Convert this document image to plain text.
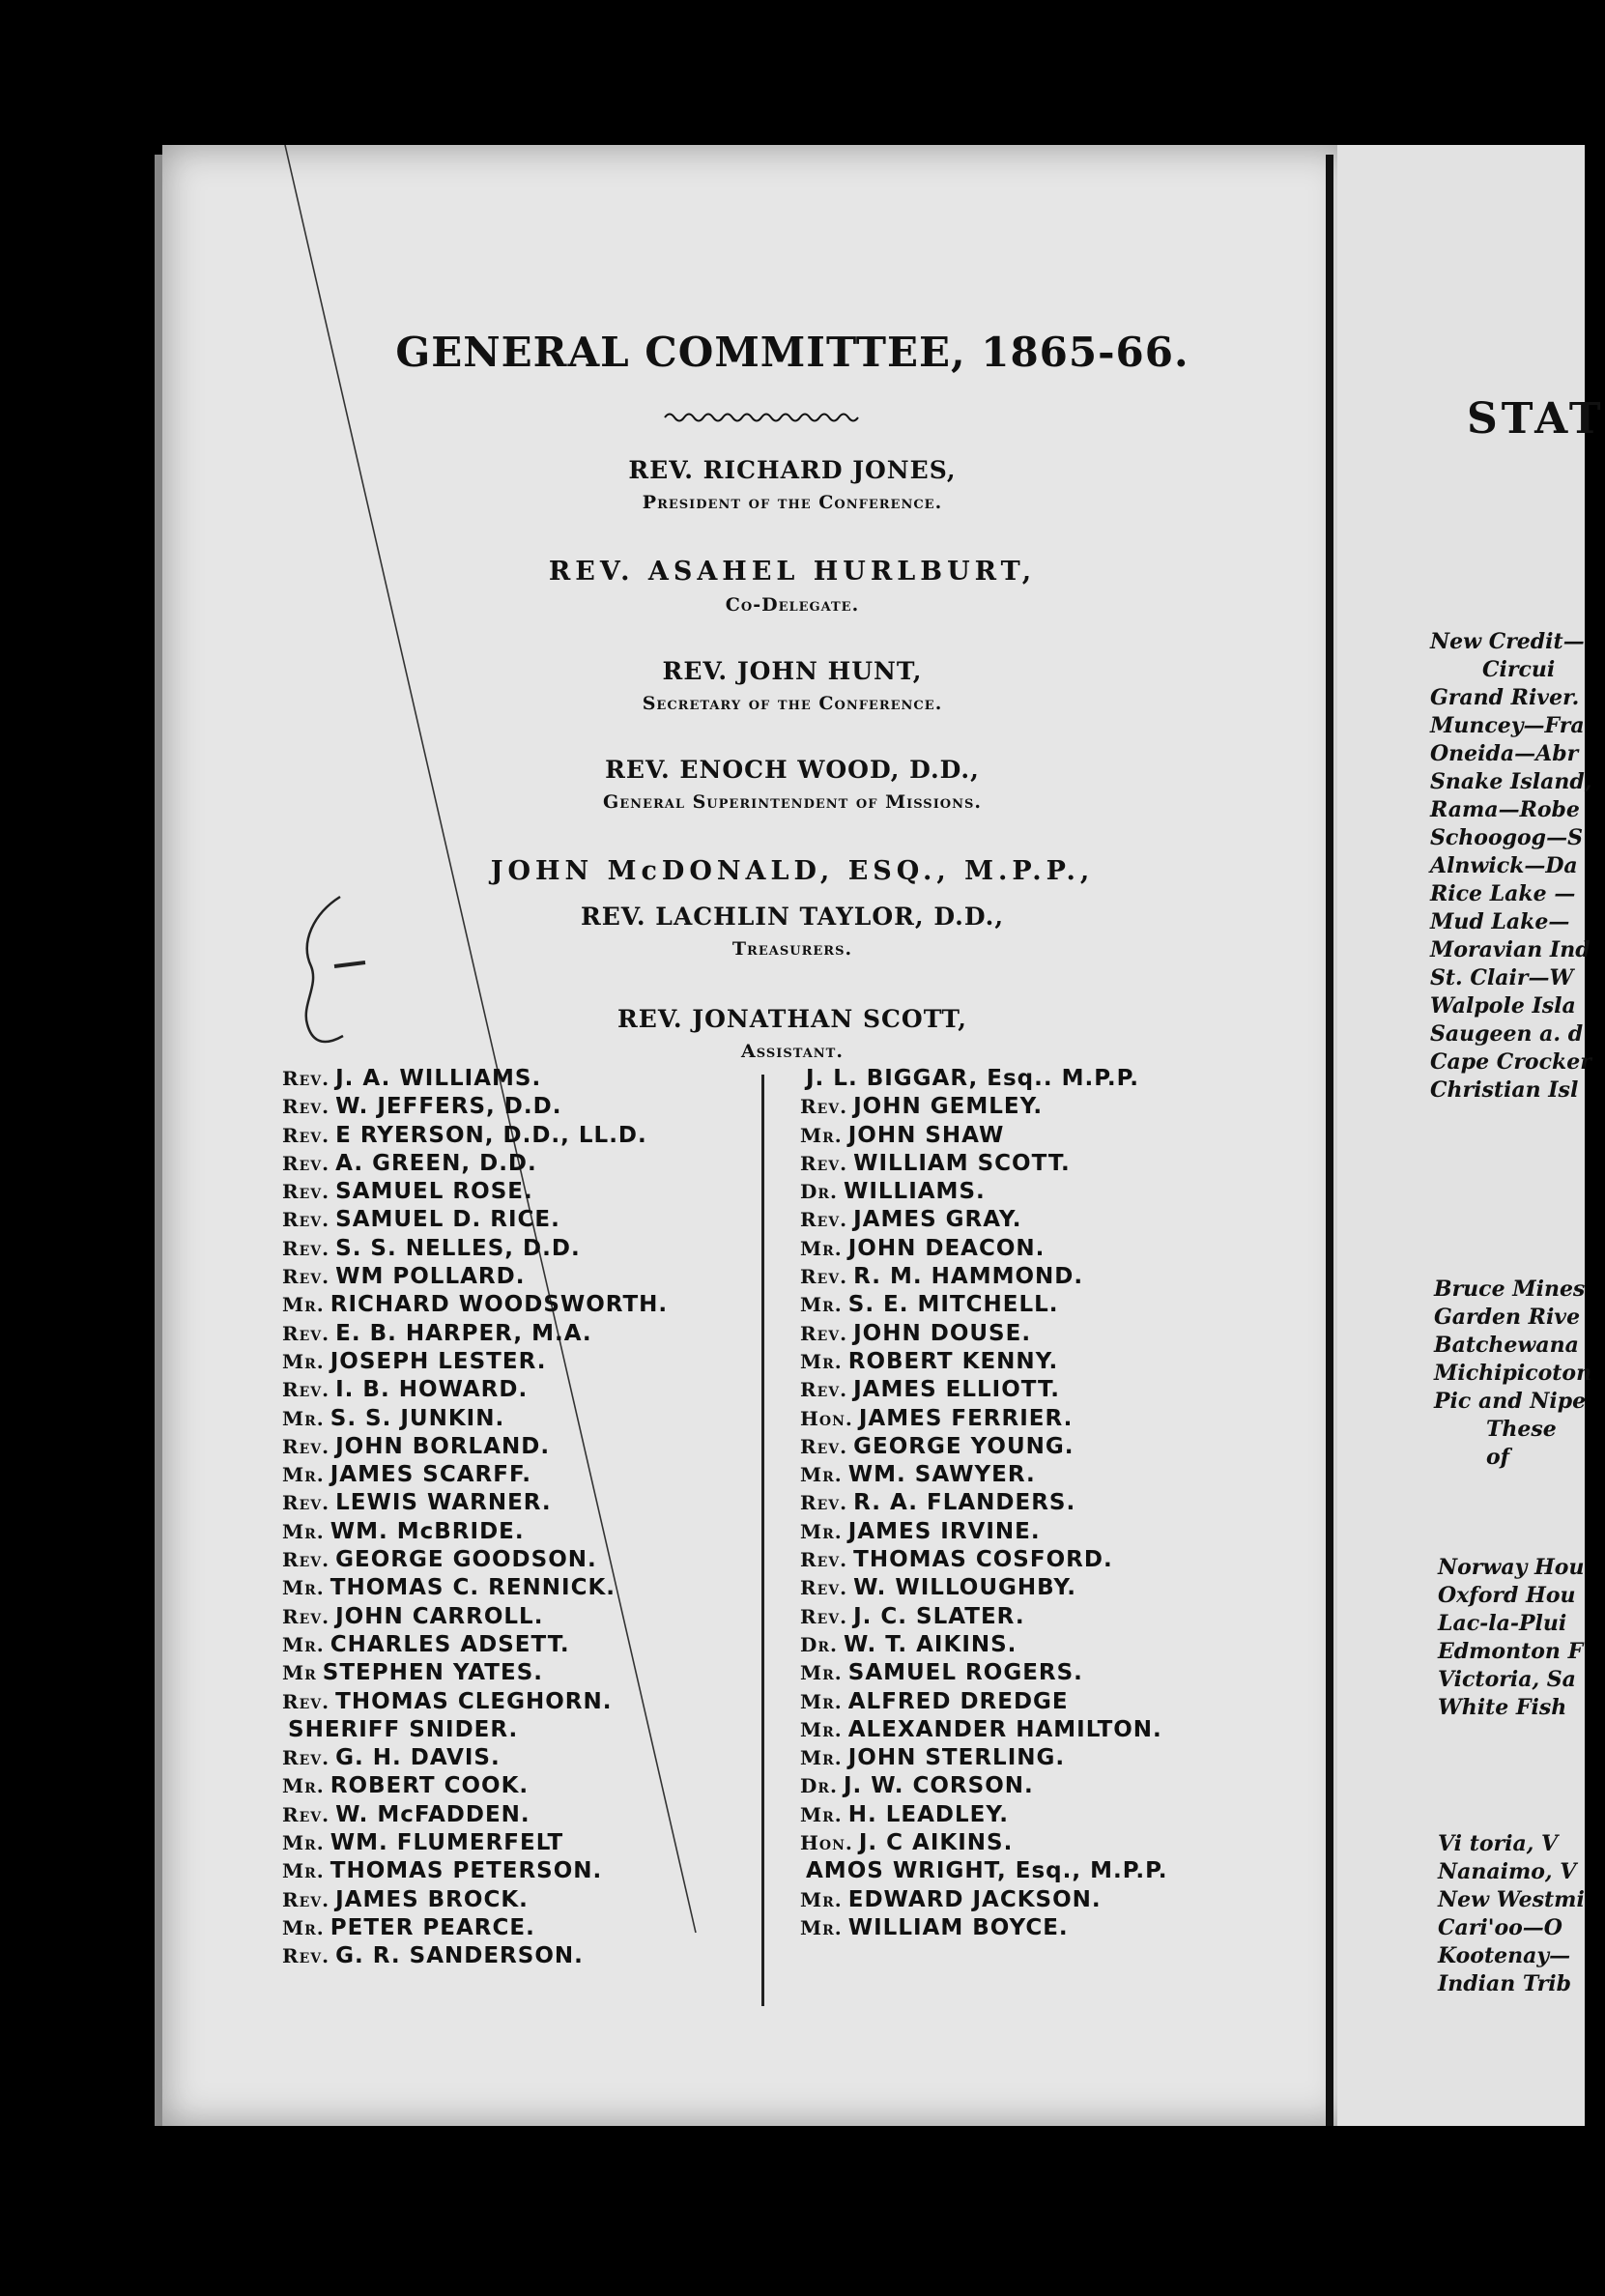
STAT
New Credit—
Circui
Grand River.
Muncey—Fra
Oneida—Abr
Snake Island,
Rama—Robe
Schoogog—S
Alnwick—Da
Rice Lake —
Mud Lake—
Moravian Ind
St. Clair—W
Walpole Isla
Saugeen a. d
Cape Crocker
Christian Isl
Bruce Mines
Garden Rive
Batchewana
Michipicoton
Pic and Nipe
These
of
Norway Hou
Oxford Hou
Lac-la-Plui
Edmonton F
Victoria, Sa
White Fish
Vi toria, V
Nanaimo, V
New Westmi
Cari'oo—O
Kootenay—
Indian Trib
GENERAL COMMITTEE, 1865-66.
REV. RICHARD JONES,
President of the Conference.
REV. ASAHEL HURLBURT,
Co-Delegate.
REV. JOHN HUNT,
Secretary of the Conference.
REV. ENOCH WOOD, D.D.,
General Superintendent of Missions.
JOHN McDONALD, ESQ., M.P.P.,
REV. LACHLIN TAYLOR, D.D.,
Treasurers.
REV. JONATHAN SCOTT,
Assistant.
Rev. J. A. WILLIAMS.
Rev. W. JEFFERS, D.D.
Rev. E RYERSON, D.D., LL.D.
Rev. A. GREEN, D.D.
Rev. SAMUEL ROSE.
Rev. SAMUEL D. RICE.
Rev. S. S. NELLES, D.D.
Rev. WM POLLARD.
Mr. RICHARD WOODSWORTH.
Rev. E. B. HARPER, M.A.
Mr. JOSEPH LESTER.
Rev. I. B. HOWARD.
Mr. S. S. JUNKIN.
Rev. JOHN BORLAND.
Mr. JAMES SCARFF.
Rev. LEWIS WARNER.
Mr. WM. McBRIDE.
Rev. GEORGE GOODSON.
Mr. THOMAS C. RENNICK.
Rev. JOHN CARROLL.
Mr. CHARLES ADSETT.
Mr STEPHEN YATES.
Rev. THOMAS CLEGHORN.
SHERIFF SNIDER.
Rev. G. H. DAVIS.
Mr. ROBERT COOK.
Rev. W. McFADDEN.
Mr. WM. FLUMERFELT
Mr. THOMAS PETERSON.
Rev. JAMES BROCK.
Mr. PETER PEARCE.
Rev. G. R. SANDERSON.
J. L. BIGGAR, Esq.. M.P.P.
Rev. JOHN GEMLEY.
Mr. JOHN SHAW
Rev. WILLIAM SCOTT.
Dr. WILLIAMS.
Rev. JAMES GRAY.
Mr. JOHN DEACON.
Rev. R. M. HAMMOND.
Mr. S. E. MITCHELL.
Rev. JOHN DOUSE.
Mr. ROBERT KENNY.
Rev. JAMES ELLIOTT.
Hon. JAMES FERRIER.
Rev. GEORGE YOUNG.
Mr. WM. SAWYER.
Rev. R. A. FLANDERS.
Mr. JAMES IRVINE.
Rev. THOMAS COSFORD.
Rev. W. WILLOUGHBY.
Rev. J. C. SLATER.
Dr. W. T. AIKINS.
Mr. SAMUEL ROGERS.
Mr. ALFRED DREDGE
Mr. ALEXANDER HAMILTON.
Mr. JOHN STERLING.
Dr. J. W. CORSON.
Mr. H. LEADLEY.
Hon. J. C AIKINS.
AMOS WRIGHT, Esq., M.P.P.
Mr. EDWARD JACKSON.
Mr. WILLIAM BOYCE.
